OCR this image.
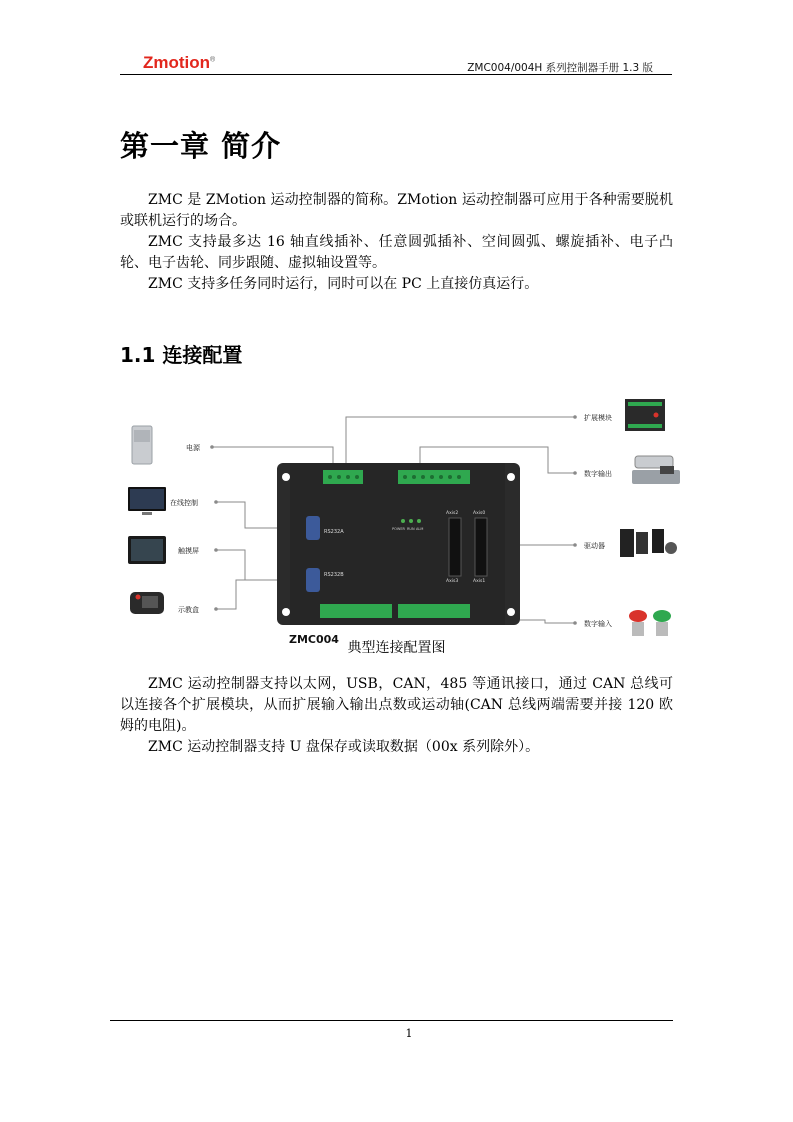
Zmotion®
ZMC004/004H 系列控制器手册 1.3 版
第一章 简介

ZMC 是 ZMotion 运动控制器的简称。ZMotion 运动控制器可应用于各种需要脱机或联机运行的场合。

ZMC 支持最多达 16 轴直线插补、任意圆弧插补、空间圆弧、螺旋插补、电子凸轮、电子齿轮、同步跟随、虚拟轴设置等。

ZMC 支持多任务同时运行，同时可以在 PC 上直接仿真运行。

1.1 连接配置
电源
在线控制
触摸屏
示教盒
RS232A
RS232B
POWER RUN ALM
Axis2	Axis0
Axis3	Axis1
ZMC004
扩展模块
数字输出
驱动器
数字输入
典型连接配置图

ZMC 运动控制器支持以太网，USB，CAN，485 等通讯接口，通过 CAN 总线可以连接各个扩展模块，从而扩展输入输出点数或运动轴(CAN 总线两端需要并接 120 欧姆的电阻)。

ZMC 运动控制器支持 U 盘保存或读取数据（00x 系列除外）。

1
